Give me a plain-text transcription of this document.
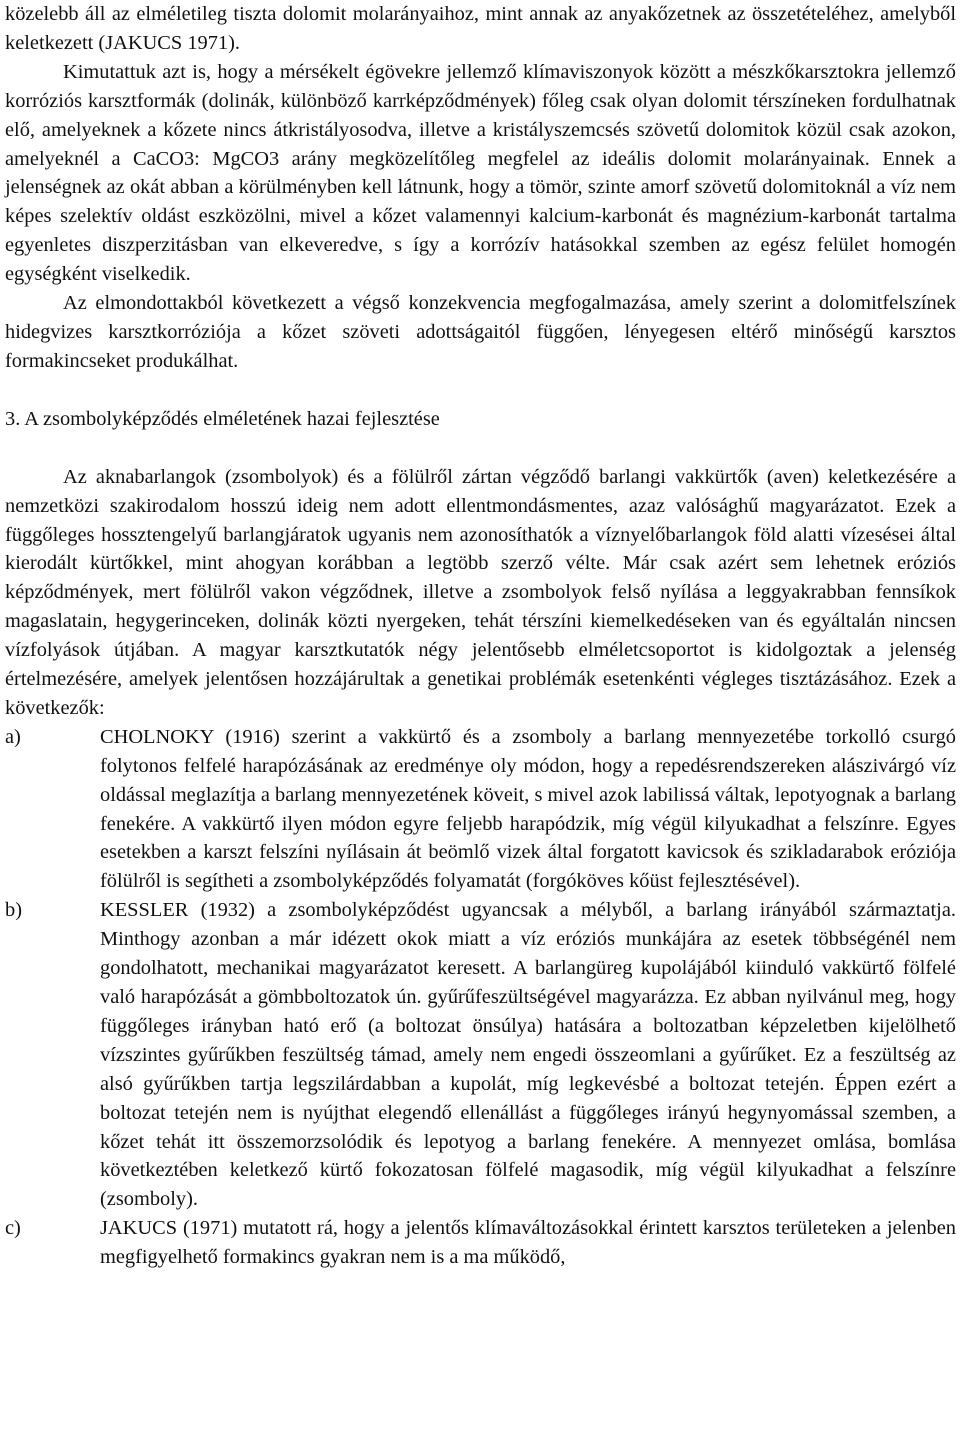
közelebb áll az elméletileg tiszta dolomit molarányaihoz, mint annak az anyakőzetnek az összetételéhez, amelyből keletkezett (JAKUCS 1971).

Kimutattuk azt is, hogy a mérsékelt égövekre jellemző klímaviszonyok között a mészkőkarsztokra jellemző korróziós karsztformák (dolinák, különböző karrképződmények) főleg csak olyan dolomit térszíneken fordulhatnak elő, amelyeknek a kőzete nincs átkristályosodva, illetve a kristályszemcsés szövetű dolomitok közül csak azokon, amelyeknél a CaCO3: MgCO3 arány megközelítőleg megfelel az ideális dolomit molarányainak. Ennek a jelenségnek az okát abban a körülményben kell látnunk, hogy a tömör, szinte amorf szövetű dolomitoknál a víz nem képes szelektív oldást eszközölni, mivel a kőzet valamennyi kalcium-karbonát és magnézium-karbonát tartalma egyenletes diszperzitásban van elkeveredve, s így a korrózív hatásokkal szemben az egész felület homogén egységként viselkedik.

Az elmondottakból következett a végső konzekvencia megfogalmazása, amely szerint a dolomitfelszínek hidegvizes karsztkorróziója a kőzet szöveti adottságaitól függően, lényegesen eltérő minőségű karsztos formakincseket produkálhat.

3. A zsombolyképződés elméletének hazai fejlesztése

Az aknabarlangok (zsombolyok) és a fölülről zártan végződő barlangi vakkürtők (aven) keletkezésére a nemzetközi szakirodalom hosszú ideig nem adott ellentmondásmentes, azaz valósághű magyarázatot. Ezek a függőleges hossztengelyű barlangjáratok ugyanis nem azonosíthatók a víznyelőbarlangok föld alatti vízesései által kierodált kürtőkkel, mint ahogyan korábban a legtöbb szerző vélte. Már csak azért sem lehetnek eróziós képződmények, mert fölülről vakon végződnek, illetve a zsombolyok felső nyílása a leggyakrabban fennsíkok magaslatain, hegygerinceken, dolinák közti nyergeken, tehát térszíni kiemelkedéseken van és egyáltalán nincsen vízfolyások útjában. A magyar karsztkutatók négy jelentősebb elméletcsoportot is kidolgoztak a jelenség értelmezésére, amelyek jelentősen hozzájárultak a genetikai problémák esetenkénti végleges tisztázásához. Ezek a következők:

a)	CHOLNOKY (1916) szerint a vakkürtő és a zsomboly a barlang mennyezetébe torkolló csurgó folytonos felfelé harapózásának az eredménye oly módon, hogy a repedésrendszereken alászivárgó víz oldással meglazítja a barlang mennyezetének köveit, s mivel azok labilissá váltak, lepotyognak a barlang fenekére. A vakkürtő ilyen módon egyre feljebb harapódzik, míg végül kilyukadhat a felszínre. Egyes esetekben a karszt felszíni nyílásain át beömlő vizek által forgatott kavicsok és szikladarabok eróziója fölülről is segítheti a zsombolyképződés folyamatát (forgóköves kőüst fejlesztésével).

b)	KESSLER (1932) a zsombolyképződést ugyancsak a mélyből, a barlang irányából származtatja. Minthogy azonban a már idézett okok miatt a víz eróziós munkájára az esetek többségénél nem gondolhatott, mechanikai magyarázatot keresett. A barlangüreg kupolájából kiinduló vakkürtő fölfelé való harapózását a gömbboltozatok ún. gyűrűfeszültségével magyarázza. Ez abban nyilvánul meg, hogy függőleges irányban ható erő (a boltozat önsúlya) hatására a boltozatban képzeletben kijelölhető vízszintes gyűrűkben feszültség támad, amely nem engedi összeomlani a gyűrűket. Ez a feszültség az alsó gyűrűkben tartja legszilárdabban a kupolát, míg legkevésbé a boltozat tetején. Éppen ezért a boltozat tetején nem is nyújthat elegendő ellenállást a függőleges irányú hegynyomással szemben, a kőzet tehát itt összemorzsolódik és lepotyog a barlang fenekére. A mennyezet omlása, bomlása következtében keletkező kürtő fokozatosan fölfelé magasodik, míg végül kilyukadhat a felszínre (zsomboly).

c)	JAKUCS (1971) mutatott rá, hogy a jelentős klímaváltozásokkal érintett karsztos területeken a jelenben megfigyelhető formakincs gyakran nem is a ma működő,
